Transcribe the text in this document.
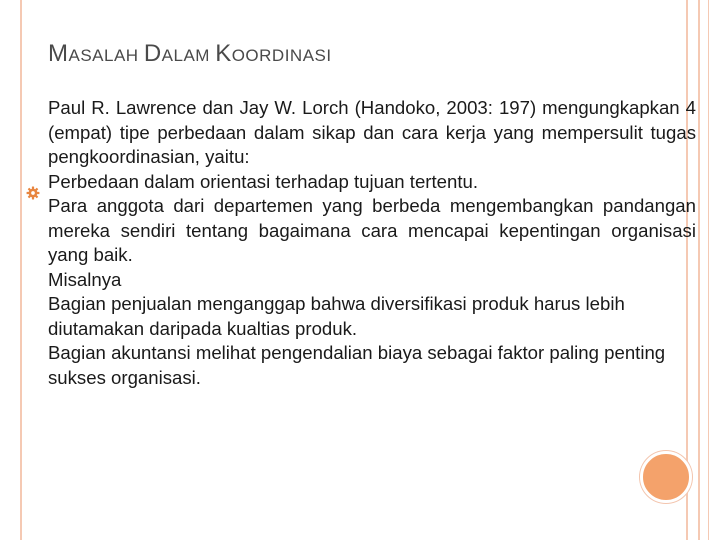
MASALAH DALAM KOORDINASI

Paul R. Lawrence dan Jay W. Lorch (Handoko, 2003: 197) mengungkapkan 4 (empat) tipe perbedaan dalam sikap dan cara kerja yang mempersulit tugas pengkoordinasian, yaitu:

Perbedaan dalam orientasi terhadap tujuan tertentu.

Para anggota dari departemen yang berbeda mengembangkan pandangan mereka sendiri tentang bagaimana cara mencapai kepentingan organisasi yang baik.

Misalnya

Bagian penjualan menganggap bahwa diversifikasi produk harus lebih diutamakan daripada kualtias produk.

Bagian akuntansi melihat pengendalian biaya sebagai faktor paling penting sukses organisasi.
